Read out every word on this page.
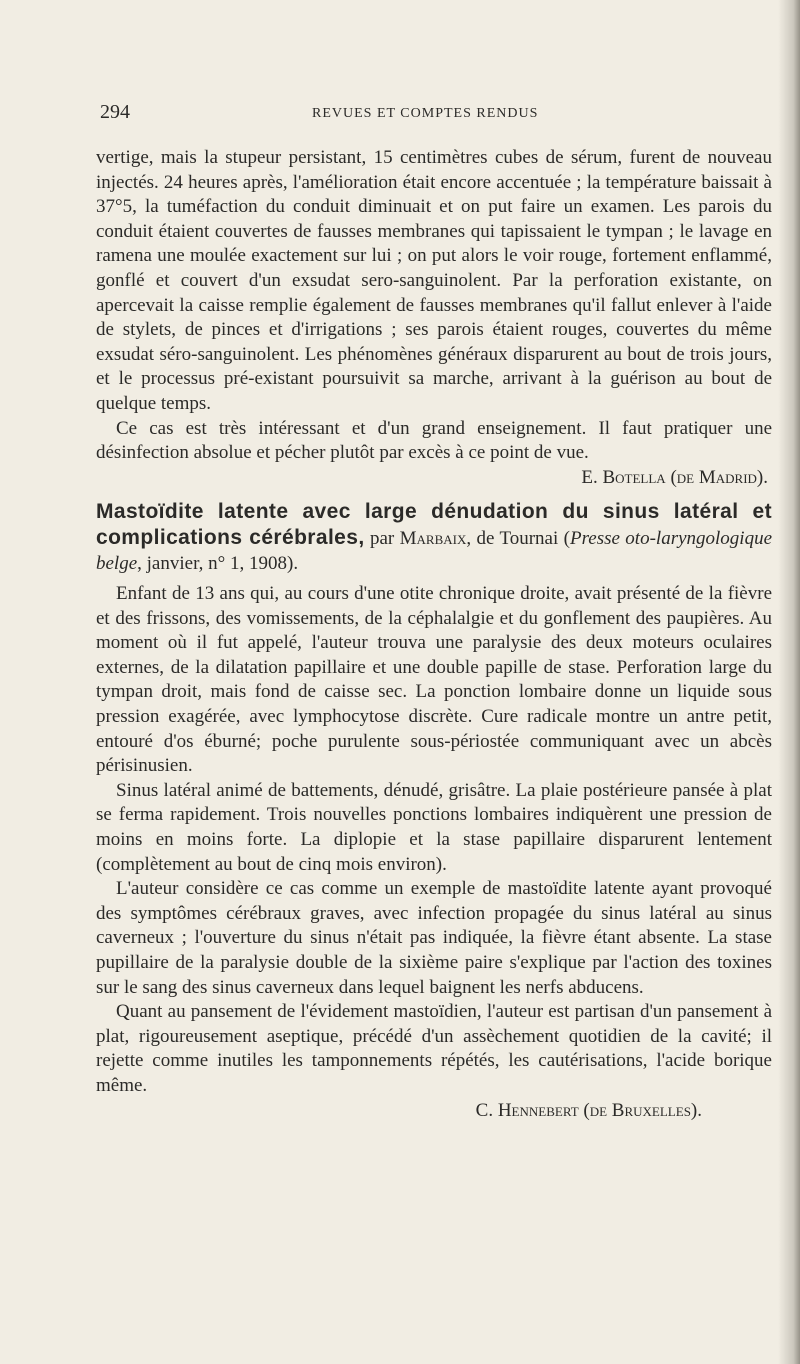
294	REVUES ET COMPTES RENDUS

vertige, mais la stupeur persistant, 15 centimètres cubes de sérum, furent de nouveau injectés. 24 heures après, l'amélioration était encore accentuée ; la température baissait à 37°5, la tuméfaction du conduit diminuait et on put faire un examen. Les parois du conduit étaient couvertes de fausses membranes qui tapissaient le tympan ; le lavage en ramena une moulée exactement sur lui ; on put alors le voir rouge, fortement enflammé, gonflé et couvert d'un exsudat sero-sanguinolent. Par la perforation existante, on apercevait la caisse remplie également de fausses membranes qu'il fallut enlever à l'aide de stylets, de pinces et d'irrigations ; ses parois étaient rouges, couvertes du même exsudat séro-sanguinolent. Les phénomènes généraux disparurent au bout de trois jours, et le processus pré-existant poursuivit sa marche, arrivant à la guérison au bout de quelque temps.

Ce cas est très intéressant et d'un grand enseignement. Il faut pratiquer une désinfection absolue et pécher plutôt par excès à ce point de vue.

E. Botella (de Madrid).

Mastoïdite latente avec large dénudation du sinus latéral et complications cérébrales, par Marbaix, de Tournai (Presse oto-laryngologique belge, janvier, n° 1, 1908).

Enfant de 13 ans qui, au cours d'une otite chronique droite, avait présenté de la fièvre et des frissons, des vomissements, de la céphalalgie et du gonflement des paupières. Au moment où il fut appelé, l'auteur trouva une paralysie des deux moteurs oculaires externes, de la dilatation papillaire et une double papille de stase. Perforation large du tympan droit, mais fond de caisse sec. La ponction lombaire donne un liquide sous pression exagérée, avec lymphocytose discrète. Cure radicale montre un antre petit, entouré d'os éburné; poche purulente sous-périostée communiquant avec un abcès périsinusien.

Sinus latéral animé de battements, dénudé, grisâtre. La plaie postérieure pansée à plat se ferma rapidement. Trois nouvelles ponctions lombaires indiquèrent une pression de moins en moins forte. La diplopie et la stase papillaire disparurent lentement (complètement au bout de cinq mois environ).

L'auteur considère ce cas comme un exemple de mastoïdite latente ayant provoqué des symptômes cérébraux graves, avec infection propagée du sinus latéral au sinus caverneux ; l'ouverture du sinus n'était pas indiquée, la fièvre étant absente. La stase pupillaire de la paralysie double de la sixième paire s'explique par l'action des toxines sur le sang des sinus caverneux dans lequel baignent les nerfs abducens.

Quant au pansement de l'évidement mastoïdien, l'auteur est partisan d'un pansement à plat, rigoureusement aseptique, précédé d'un assèchement quotidien de la cavité; il rejette comme inutiles les tamponnements répétés, les cautérisations, l'acide borique même.

C. Hennebert (de Bruxelles).
